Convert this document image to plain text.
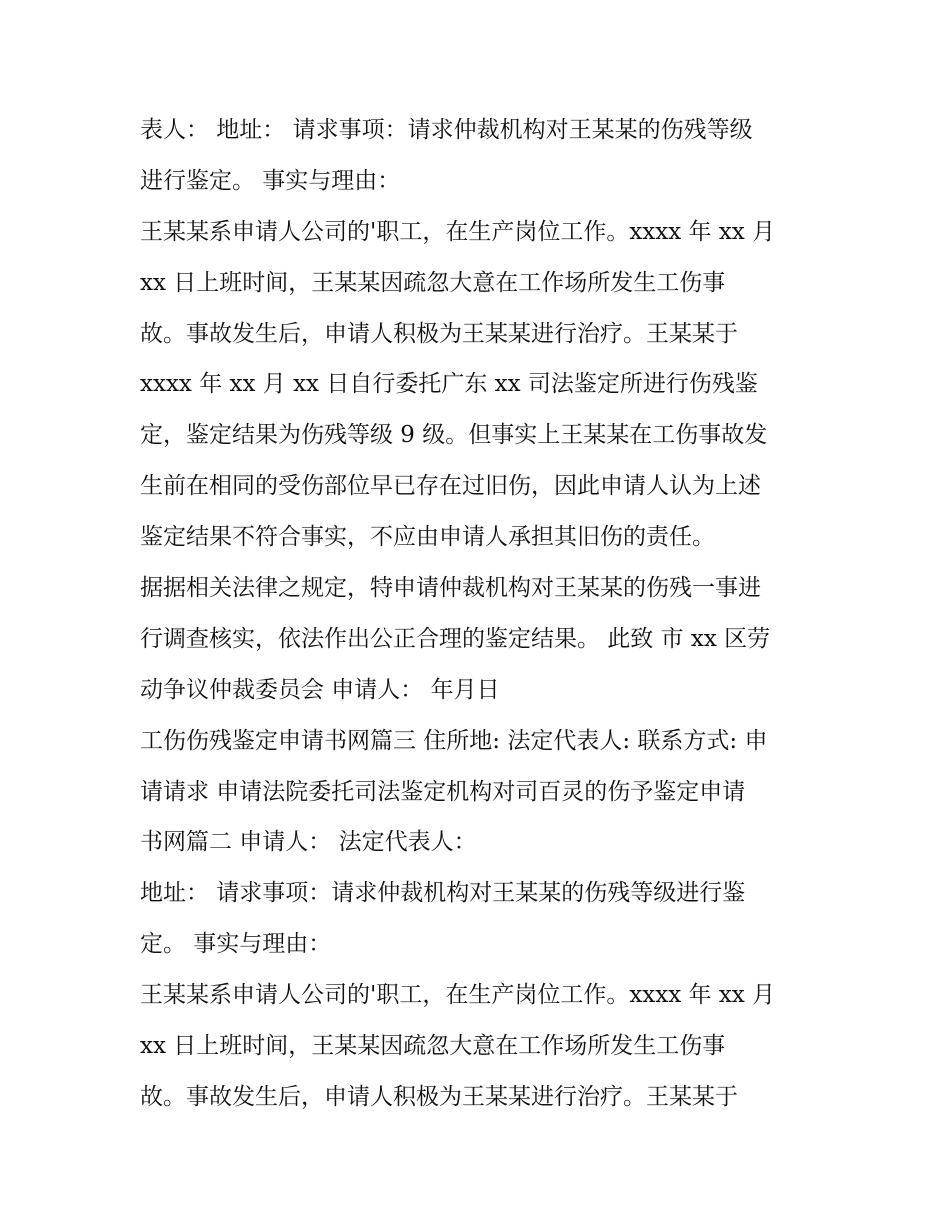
表人： 地址： 请求事项：请求仲裁机构对王某某的伤残等级
进行鉴定。 事实与理由：
王某某系申请人公司的'职工，在生产岗位工作。xxxx 年 xx 月
xx 日上班时间，王某某因疏忽大意在工作场所发生工伤事
故。事故发生后，申请人积极为王某某进行治疗。王某某于
xxxx 年 xx 月 xx 日自行委托广东 xx 司法鉴定所进行伤残鉴
定，鉴定结果为伤残等级 9 级。但事实上王某某在工伤事故发
生前在相同的受伤部位早已存在过旧伤，因此申请人认为上述
鉴定结果不符合事实，不应由申请人承担其旧伤的责任。
据据相关法律之规定，特申请仲裁机构对王某某的伤残一事进
行调查核实，依法作出公正合理的鉴定结果。 此致 市 xx 区劳
动争议仲裁委员会 申请人： 年月日
工伤伤残鉴定申请书网篇三 住所地: 法定代表人: 联系方式: 申
请请求 申请法院委托司法鉴定机构对司百灵的伤予鉴定申请
书网篇二 申请人： 法定代表人：
地址： 请求事项：请求仲裁机构对王某某的伤残等级进行鉴
定。 事实与理由：
王某某系申请人公司的'职工，在生产岗位工作。xxxx 年 xx 月
xx 日上班时间，王某某因疏忽大意在工作场所发生工伤事
故。事故发生后，申请人积极为王某某进行治疗。王某某于
